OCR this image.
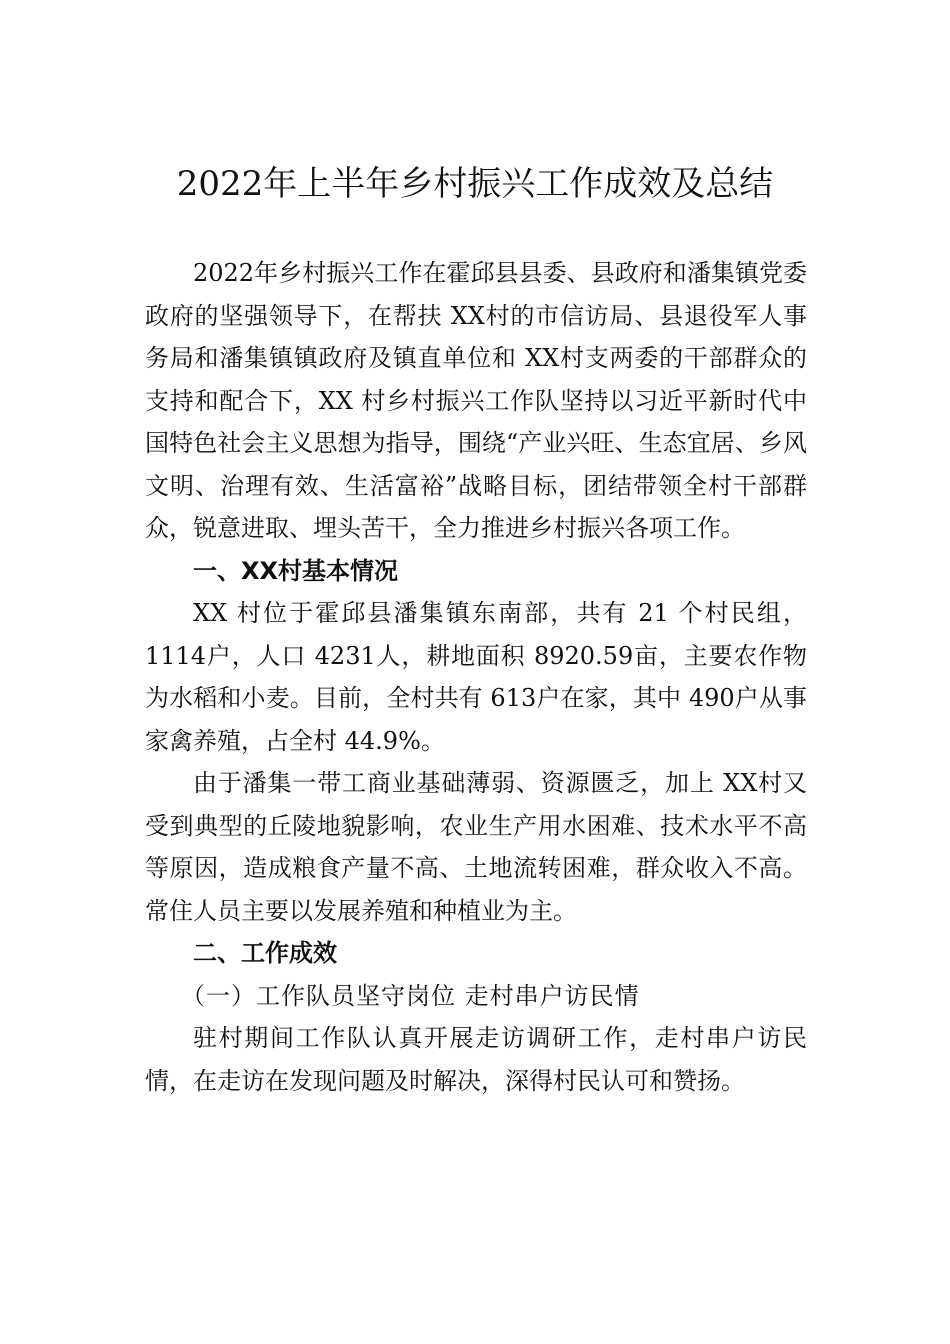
2022年上半年乡村振兴工作成效及总结

2022年乡村振兴工作在霍邱县县委、县政府和潘集镇党委政府的坚强领导下，在帮扶 XX村的市信访局、县退役军人事务局和潘集镇镇政府及镇直单位和 XX村支两委的干部群众的支持和配合下，XX 村乡村振兴工作队坚持以习近平新时代中国特色社会主义思想为指导，围绕“产业兴旺、生态宜居、乡风文明、治理有效、生活富裕”战略目标，团结带领全村干部群众，锐意进取、埋头苦干，全力推进乡村振兴各项工作。

一、XX村基本情况

XX 村位于霍邱县潘集镇东南部，共有 21 个村民组，1114户，人口 4231人，耕地面积 8920.59亩，主要农作物为水稻和小麦。目前，全村共有 613户在家，其中 490户从事家禽养殖，占全村 44.9%。

由于潘集一带工商业基础薄弱、资源匮乏，加上 XX村又受到典型的丘陵地貌影响，农业生产用水困难、技术水平不高等原因，造成粮食产量不高、土地流转困难，群众收入不高。常住人员主要以发展养殖和种植业为主。

二、工作成效

（一）工作队员坚守岗位 走村串户访民情

驻村期间工作队认真开展走访调研工作，走村串户访民情，在走访在发现问题及时解决，深得村民认可和赞扬。
